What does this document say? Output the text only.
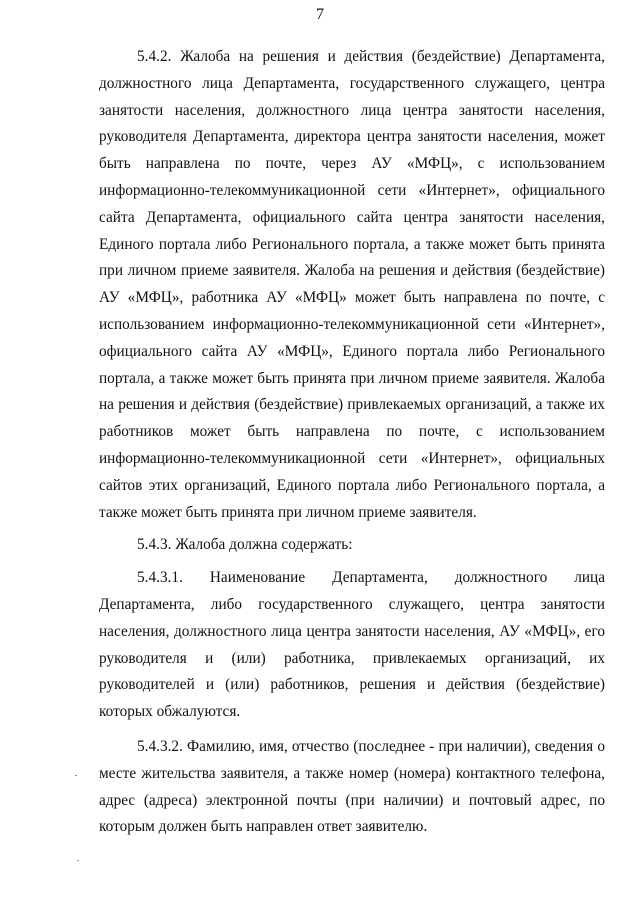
7

5.4.2. Жалоба на решения и действия (бездействие) Департамента, должностного лица Департамента, государственного служащего, центра занятости населения, должностного лица центра занятости населения, руководителя Департамента, директора центра занятости населения, может быть направлена по почте, через АУ «МФЦ», с использованием информационно-телекоммуникационной сети «Интернет», официального сайта Департамента, официального сайта центра занятости населения, Единого портала либо Регионального портала, а также может быть принята при личном приеме заявителя. Жалоба на решения и действия (бездействие) АУ «МФЦ», работника АУ «МФЦ» может быть направлена по почте, с использованием информационно-телекоммуникационной сети «Интернет», официального сайта АУ «МФЦ», Единого портала либо Регионального портала, а также может быть принята при личном приеме заявителя. Жалоба на решения и действия (бездействие) привлекаемых организаций, а также их работников может быть направлена по почте, с использованием информационно-телекоммуникационной сети «Интернет», официальных сайтов этих организаций, Единого портала либо Регионального портала, а также может быть принята при личном приеме заявителя.

5.4.3. Жалоба должна содержать:

5.4.3.1. Наименование Департамента, должностного лица Департамента, либо государственного служащего, центра занятости населения, должностного лица центра занятости населения, АУ «МФЦ», его руководителя и (или) работника, привлекаемых организаций, их руководителей и (или) работников, решения и действия (бездействие) которых обжалуются.

5.4.3.2. Фамилию, имя, отчество (последнее - при наличии), сведения о месте жительства заявителя, а также номер (номера) контактного телефона, адрес (адреса) электронной почты (при наличии) и почтовый адрес, по которым должен быть направлен ответ заявителю.
